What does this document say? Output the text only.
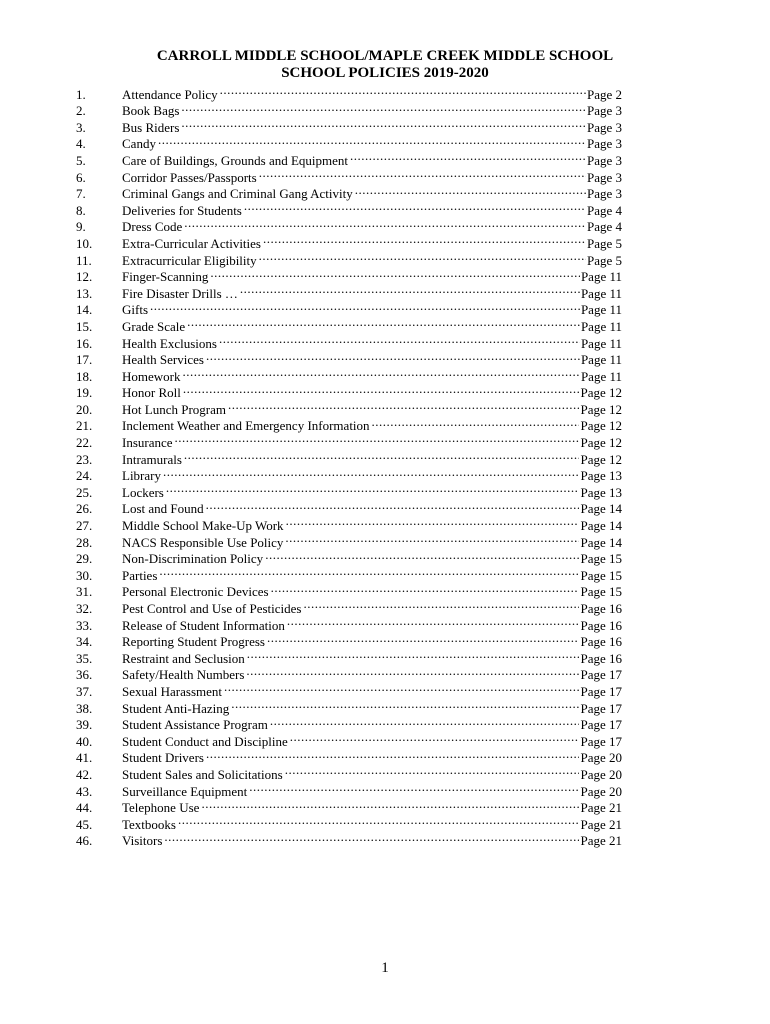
CARROLL MIDDLE SCHOOL/MAPLE CREEK MIDDLE SCHOOL
SCHOOL POLICIES 2019-2020
1.	Attendance Policy .....	Page 2
2.	Book Bags .....	Page 3
3.	Bus Riders .....	Page 3
4.	Candy .....	Page 3
5.	Care of Buildings, Grounds and Equipment .....	Page 3
6.	Corridor Passes/Passports .....	Page 3
7.	Criminal Gangs and Criminal Gang Activity .....	Page 3
8.	Deliveries for Students .....	Page 4
9.	Dress Code .....	Page 4
10.	Extra-Curricular Activities .....	Page 5
11.	Extracurricular Eligibility .....	Page 5
12.	Finger-Scanning .....	Page 11
13.	Fire Disaster Drills … .....	Page 11
14.	Gifts .....	Page 11
15.	Grade Scale .....	Page 11
16.	Health Exclusions .....	Page 11
17.	Health Services .....	Page 11
18.	Homework .....	Page 11
19.	Honor Roll .....	Page 12
20.	Hot Lunch Program .....	Page 12
21.	Inclement Weather and Emergency Information .....	Page 12
22.	Insurance .....	Page 12
23.	Intramurals .....	Page 12
24.	Library .....	Page 13
25.	Lockers .....	Page 13
26.	Lost and Found .....	Page 14
27.	Middle School Make-Up Work .....	Page 14
28.	NACS Responsible Use Policy .....	Page 14
29.	Non-Discrimination Policy .....	Page 15
30.	Parties .....	Page 15
31.	Personal Electronic Devices .....	Page 15
32.	Pest Control and Use of Pesticides .....	Page 16
33.	Release of Student Information .....	Page 16
34.	Reporting Student Progress .....	Page 16
35.	Restraint and Seclusion .....	Page 16
36.	Safety/Health Numbers .....	Page 17
37.	Sexual Harassment .....	Page 17
38.	Student Anti-Hazing .....	Page 17
39.	Student Assistance Program .....	Page 17
40.	Student Conduct and Discipline .....	Page 17
41.	Student Drivers .....	Page 20
42.	Student Sales and Solicitations .....	Page 20
43.	Surveillance Equipment .....	Page 20
44.	Telephone Use .....	Page 21
45.	Textbooks .....	Page 21
46.	Visitors .....	Page 21
1
